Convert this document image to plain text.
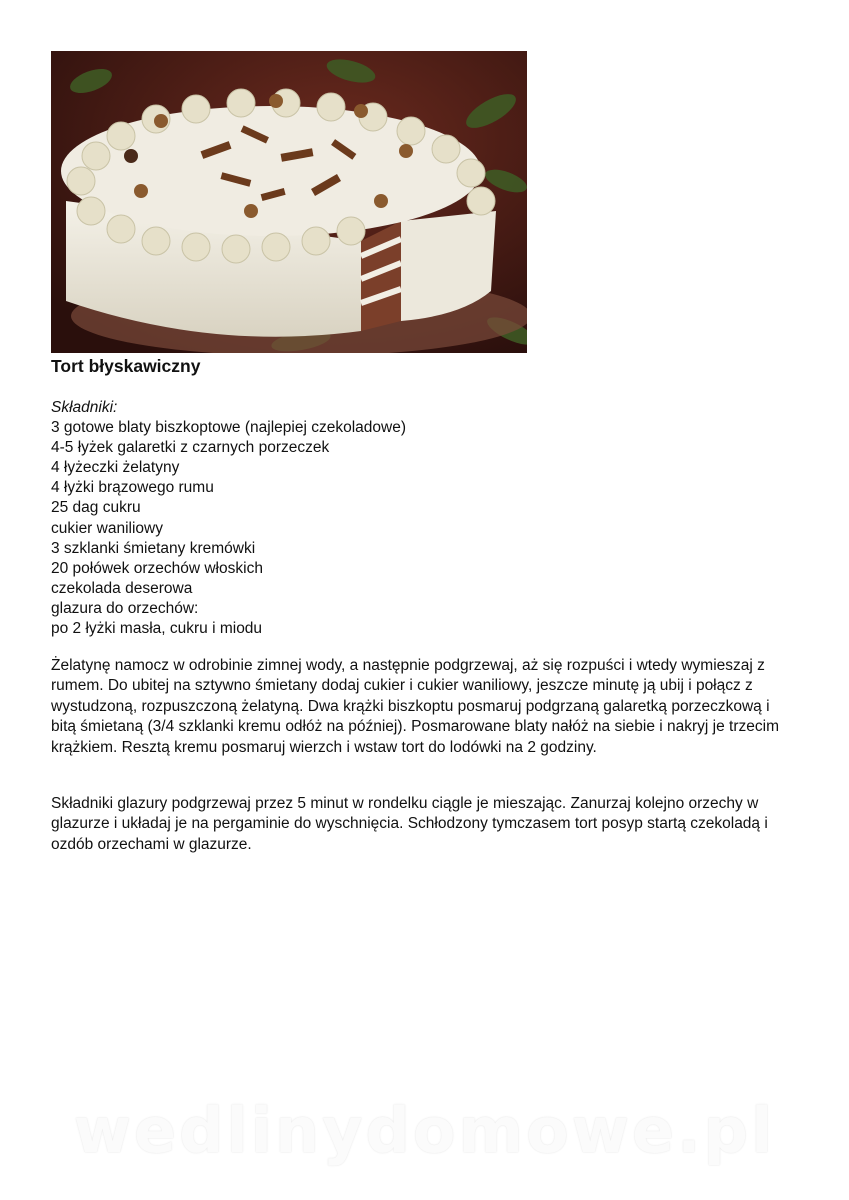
Tort błyskawiczny
Składniki:
3 gotowe blaty biszkoptowe (najlepiej czekoladowe)
4-5 łyżek galaretki z czarnych porzeczek
4 łyżeczki żelatyny
4 łyżki brązowego rumu
25 dag cukru
cukier waniliowy
3 szklanki śmietany kremówki
20 połówek orzechów włoskich
czekolada deserowa
glazura do orzechów:
po 2 łyżki masła, cukru i miodu
Żelatynę namocz w odrobinie zimnej wody, a następnie podgrzewaj, aż się rozpuści i wtedy wymieszaj z rumem. Do ubitej na sztywno śmietany dodaj cukier i cukier waniliowy, jeszcze minutę ją ubij i połącz z wystudzoną, rozpuszczoną żelatyną. Dwa krążki biszkoptu posmaruj podgrzaną galaretką porzeczkową i bitą śmietaną (3/4 szklanki kremu odłóż na później). Posmarowane blaty nałóż na siebie i nakryj je trzecim krążkiem. Resztą kremu posmaruj wierzch i wstaw tort do lodówki na 2 godziny.
Składniki glazury podgrzewaj przez 5 minut w rondelku ciągle je mieszając. Zanurzaj kolejno orzechy w glazurze i układaj je na pergaminie do wyschnięcia. Schłodzony tymczasem tort posyp startą czekoladą i ozdób orzechami w glazurze.
wedlinydomowe.pl
